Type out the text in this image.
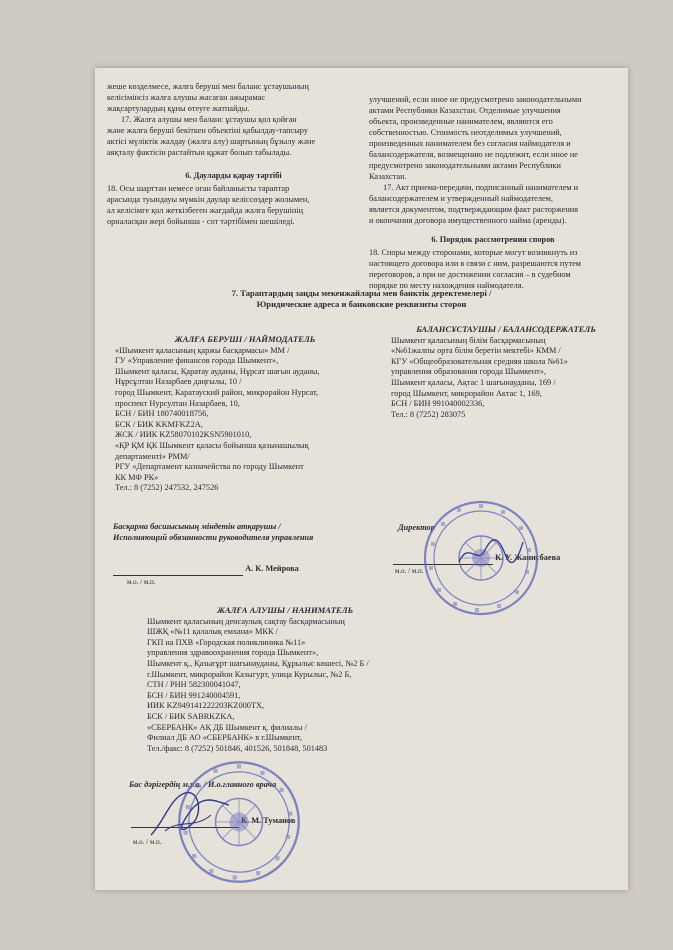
жеше көзделмесе, жалға беруші мен баланс ұстаушының
келісімінсіз жалға алушы жасаған ажырамас
жақсартулардың құны өтеуге жатпайды.
17. Жалға алушы мен баланс ұстаушы қол қойған
және жалға беруші бекіткен объектіні қабылдау-тапсыру
актісі мүліктік жалдау (жалға алу) шартының бұзылу және
аяқталу фактісін растайтын құжат болып табылады.
6. Дауларды қарау тәртібі
18. Осы шарттан немесе оған байланысты тараптар
арасында туындауы мүмкін даулар келіссөздер жолымен,
ал келісімге қол жеткізбеген жағдайда жалға берушінің
орналасқан жері бойынша - сот тәртібімен шешіледі.
улучшений, если иное не предусмотрено законодательными
актами Республики Казахстан. Отделимые улучшения
объекта, произведенные нанимателем, являются его
собственностью. Стоимость неотделимых улучшений,
произведенных нанимателем без согласия наймодателя и
балансодержателя, возмещению не подлежит, если иное не
предусмотрено законодательными актами Республики
Казахстан.
17. Акт приема-передачи, подписанный нанимателем и
балансодержателем и утвержденный наймодателем,
является документом, подтверждающим факт расторжения
и окончания договора имущественного найма (аренды).
6. Порядок рассмотрения споров
18. Споры между сторонами, которые могут возникнуть из
настоящего договора или в связи с ним, разрешаются путем
переговоров, а при не достижении согласия – в судебном
порядке по месту нахождения наймодателя.
7. Тараптардың заңды мекенжайлары мен банктік деректемелері /
Юридические адреса и банковские реквизиты сторон
ЖАЛҒА БЕРУШІ / НАЙМОДАТЕЛЬ
«Шымкент қаласының қаржы басқармасы» ММ /
ГУ «Управление финансов города Шымкент»,
Шымкент қаласы, Қаратау ауданы, Нұрсат шағын ауданы,
Нұрсұлтан Назарбаев даңғылы, 10 /
город Шымкент, Каратауский район, микрорайон Нурсат,
проспект Нурсултан Назарбаев, 10,
БСН / БИН 180740018756,
БСК / БИК KKMFKZ2A,
ЖСК / ИИК KZ58070102KSN5901010,
«ҚР ҚМ ҚК Шымкент қаласы бойынша қазынашылық
департаменті» РММ/
РГУ «Департамент казначейства по городу Шымкент
КК МФ РК»
Тел.: 8 (7252) 247532, 247526
БАЛАНСҰСТАУШЫ / БАЛАНСОДЕРЖАТЕЛЬ
Шымкент қаласының білім басқармасының
«№61жалпы орта білім беретін мектебі» КММ /
КГУ «Общеобразовательная средняя школа №61»
управления образования города Шымкент»,
Шымкент қаласы, Ақтас 1 шағынауданы, 169 /
город Шымкент, микрорайон Актас 1, 169,
БСН / БИН 991040002336,
Тел.: 8 (7252) 283075
Басқарма басшысының міндетін атқарушы /
Исполняющий обязанности руководителя управления
А. К. Мейрова
м.о. / м.п.
Директор
К. У. Жанисбаева
м.о. / м.п.
ЖАЛҒА АЛУШЫ / НАНИМАТЕЛЬ
Шымкент қаласының денсаулық сақтау басқармасының
ШЖҚ «№11 қалалық емхана» МКК /
ГКП на ПХВ «Городская поликлиника №11»
управления здравоохранения города Шымкент»,
Шымкент қ., Қазығұрт шағынауданы, Құрылыс көшесі, №2 Б /
г.Шымкент, микрорайон Казыгурт, улица Курылыс, №2 Б,
СТН / РНН 582300041047,
БСН / БИН 991240004591,
ИИК KZ949141222203KZ000TX,
БСК / БИК SABRKZKA,
«СБЕРБАНК» АҚ ДБ Шымкент қ. филиалы /
Филиал ДБ АО «СБЕРБАНК» в г.Шымкент,
Тел./факс: 8 (7252) 501846, 401526, 501848, 501483
Бас дәрігердің м.у.а. / И.о.главного врача
К. М. Туманов
м.о. / м.п.
